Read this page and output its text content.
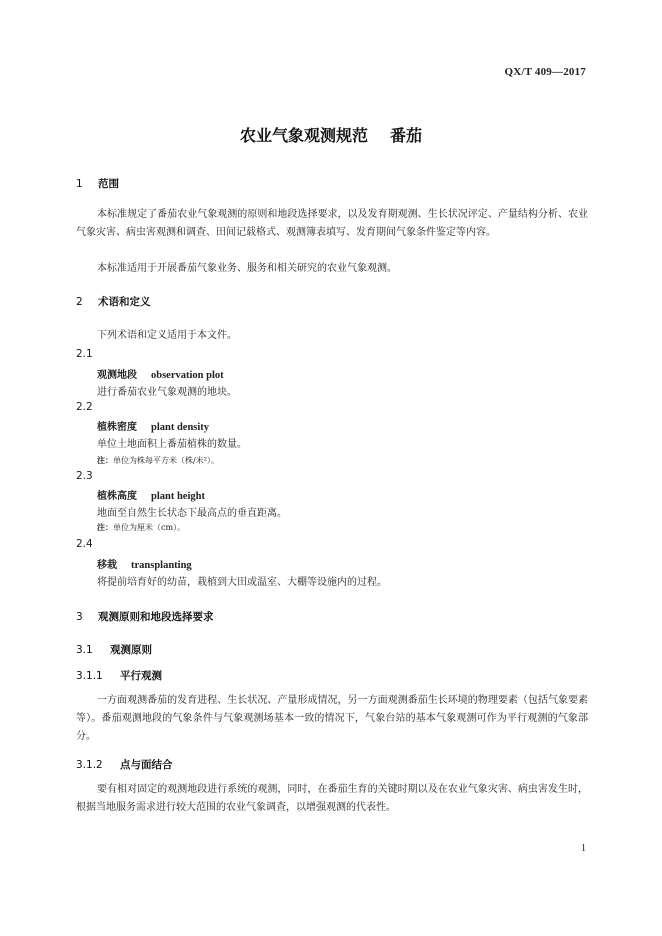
QX/T 409—2017
农业气象观测规范 番茄
1 范围
本标准规定了番茄农业气象观测的原则和地段选择要求，以及发育期观测、生长状况评定、产量结构分析、农业气象灾害、病虫害观测和调查、田间记载格式、观测簿表填写、发育期间气象条件鉴定等内容。
本标准适用于开展番茄气象业务、服务和相关研究的农业气象观测。
2 术语和定义
下列术语和定义适用于本文件。
2.1
观测地段 observation plot
进行番茄农业气象观测的地块。
2.2
植株密度 plant density
单位土地面积上番茄植株的数量。
注：单位为株每平方米（株/米²）。
2.3
植株高度 plant height
地面至自然生长状态下最高点的垂直距离。
注：单位为厘米（cm）。
2.4
移栽 transplanting
将提前培育好的幼苗，栽植到大田或温室、大棚等设施内的过程。
3 观测原则和地段选择要求
3.1 观测原则
3.1.1 平行观测
一方面观测番茄的发育进程、生长状况、产量形成情况，另一方面观测番茄生长环境的物理要素（包括气象要素等）。番茄观测地段的气象条件与气象观测场基本一致的情况下，气象台站的基本气象观测可作为平行观测的气象部分。
3.1.2 点与面结合
要有相对固定的观测地段进行系统的观测，同时，在番茄生育的关键时期以及在农业气象灾害、病虫害发生时，根据当地服务需求进行较大范围的农业气象调查，以增强观测的代表性。
1
